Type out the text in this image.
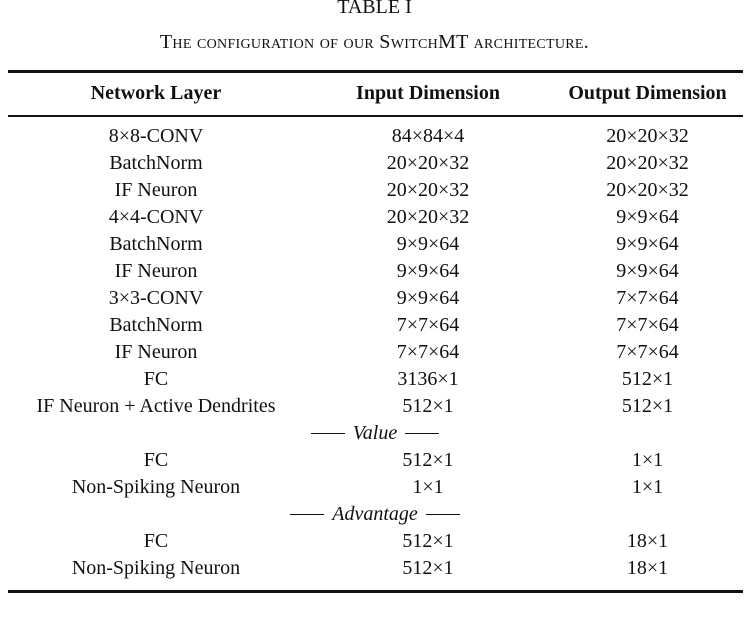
TABLE I
The configuration of our SwitchMT architecture.
Network Layer	Input Dimension	Output Dimension
8×8-CONV	84×84×4	20×20×32
BatchNorm	20×20×32	20×20×32
IF Neuron	20×20×32	20×20×32
4×4-CONV	20×20×32	9×9×64
BatchNorm	9×9×64	9×9×64
IF Neuron	9×9×64	9×9×64
3×3-CONV	9×9×64	7×7×64
BatchNorm	7×7×64	7×7×64
IF Neuron	7×7×64	7×7×64
FC	3136×1	512×1
IF Neuron + Active Dendrites	512×1	512×1

Value		

FC	512×1	1×1
Non-Spiking Neuron	1×1	1×1

Advantage		

FC	512×1	18×1
Non-Spiking Neuron	512×1	18×1
